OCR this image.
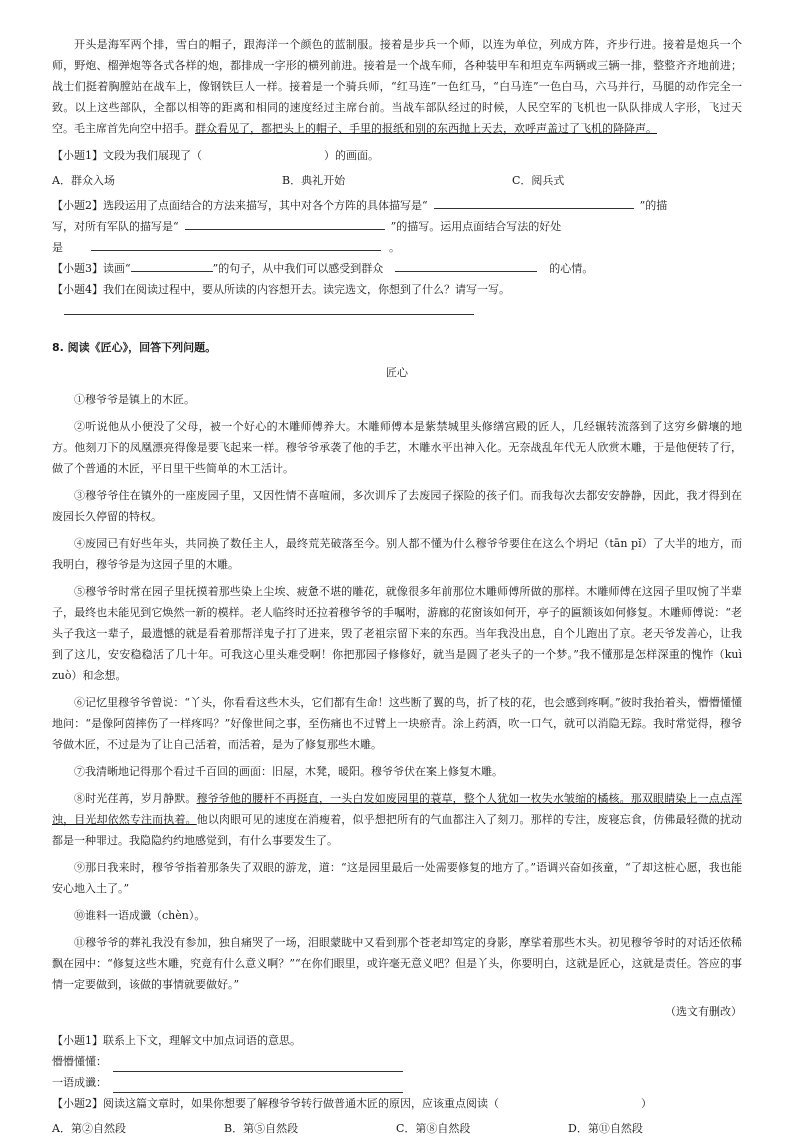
开头是海军两个排，雪白的帽子，跟海洋一个颜色的蓝制服。接着是步兵一个师，以连为单位，列成方阵，齐步行进。接着是炮兵一个师，野炮、榴弹炮等各式各样的炮，都排成一字形的横列前进。接着是一个战车师，各种装甲车和坦克车两辆或三辆一排，整整齐齐地前进；战士们挺着胸膛站在战车上，像钢铁巨人一样。接着是一个骑兵师，“红马连”一色红马，“白马连”一色白马，六马并行，马腿的动作完全一致。以上这些部队，全都以相等的距离和相同的速度经过主席台前。当战车部队经过的时候，人民空军的飞机也一队队排成人字形，飞过天空。毛主席首先向空中招手。群众看见了，都把头上的帽子、手里的报纸和别的东西抛上天去，欢呼声盖过了飞机的降降声。

【小题1】文段为我们展现了（	）的画面。

A．群众入场	B．典礼开始	C．阅兵式

【小题2】选段运用了点面结合的方法来描写，其中对各个方阵的具体描写是“	”的描

写，对所有军队的描写是“	”的描写。运用点面结合写法的好处

是	。

【小题3】读画“	”的句子，从中我们可以感受到群众	的心情。

【小题4】我们在阅读过程中，要从所读的内容想开去。读完选文，你想到了什么？请写一写。

8. 阅读《匠心》，回答下列问题。
匠心

①穆爷爷是镇上的木匠。

②听说他从小便没了父母，被一个好心的木雕师傅养大。木雕师傅本是紫禁城里头修缮宫殿的匠人，几经辗转流落到了这穷乡僻壤的地方。他刻刀下的凤凰漂亮得像是要飞起来一样。穆爷爷承袭了他的手艺，木雕水平出神入化。无奈战乱年代无人欣赏木雕，于是他便转了行，做了个普通的木匠，平日里干些简单的木工活计。

③穆爷爷住在镇外的一座废园子里，又因性情不喜喧闹，多次训斥了去废园子探险的孩子们。而我每次去都安安静静，因此，我才得到在废园长久停留的特权。

④废园已有好些年头，共同换了数任主人，最终荒芜破落至今。别人都不懂为什么穆爷爷要住在这么个坍圮（tān pǐ）了大半的地方，而我明白，穆爷爷是为这园子里的木雕。

⑤穆爷爷时常在园子里抚摸着那些染上尘埃、疲惫不堪的雕花，就像很多年前那位木雕师傅所做的那样。木雕师傅在这园子里叹惋了半辈子，最终也未能见到它焕然一新的模样。老人临终时还拉着穆爷爷的手嘱咐，游廊的花窗该如何开，亭子的匾额该如何修复。木雕师傅说：“老头子我这一辈子，最遗憾的就是看着那帮洋鬼子打了进来，毁了老祖宗留下来的东西。当年我没出息，自个儿跑出了京。老天爷发善心，让我到了这儿，安安稳稳活了几十年。可我这心里头难受啊！你把那园子修修好，就当是圆了老头子的一个梦。”我不懂那是怎样深重的愧怍（kuì zuò）和念想。

⑥记忆里穆爷爷曾说：“丫头，你看看这些木头，它们都有生命！这些断了翼的鸟，折了枝的花，也会感到疼啊。”彼时我抬着头，懵懵懂懂地问：“是像阿茵摔伤了一样疼吗？”好像世间之事，至伤痛也不过臂上一块瘀青。涂上药酒，吹一口气，就可以消隐无踪。我时常觉得，穆爷爷做木匠，不过是为了让自己活着，而活着，是为了修复那些木雕。

⑦我清晰地记得那个看过千百回的画面：旧屋，木凳，暖阳。穆爷爷伏在案上修复木雕。

⑧时光荏苒，岁月静默。穆爷爷他的腰杆不再挺直，一头白发如废园里的蓑草，整个人犹如一枚失水皱缩的橘核。那双眼睛染上一点点浑浊，目光却依然专注而执着。他以肉眼可见的速度在消瘦着，似乎想把所有的气血都注入了刻刀。那样的专注，废寝忘食，仿佛最轻微的扰动都是一种罪过。我隐隐约约地感觉到，有什么事要发生了。

⑨那日我来时，穆爷爷指着那条失了双眼的游龙，道：“这是园里最后一处需要修复的地方了。”语调兴奋如孩童，“了却这桩心愿，我也能安心地入土了。”

⑩谁料一语成谶（chèn）。

⑪穆爷爷的葬礼我没有参加，独自痛哭了一场，泪眼蒙眬中又看到那个苍老却笃定的身影，摩挲着那些木头。初见穆爷爷时的对话还依稀飘在园中：“修复这些木雕，究竟有什么意义啊？”“在你们眼里，或许毫无意义吧？但是丫头，你要明白，这就是匠心，这就是责任。答应的事情一定要做到，该做的事情就要做好。”

（选文有删改）

【小题1】联系上下文，理解文中加点词语的意思。

懵懵懂懂：
一语成谶：

【小题2】阅读这篇文章时，如果你想要了解穆爷爷转行做普通木匠的原因，应该重点阅读（	）

A．第②自然段	B．第⑤自然段	C．第⑧自然段	D．第⑪自然段
